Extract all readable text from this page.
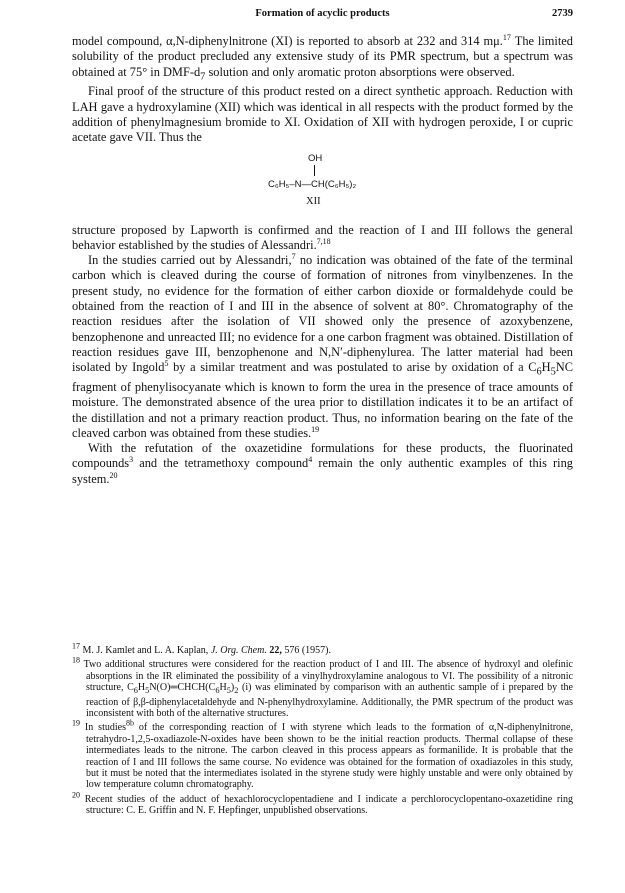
Formation of acyclic products	2739

model compound, α,N-diphenylnitrone (XI) is reported to absorb at 232 and 314 mμ.$^{17}$ The limited solubility of the product precluded any extensive study of its PMR spectrum, but a spectrum was obtained at 75° in DMF-$d_7$ solution and only aromatic proton absorptions were observed.

Final proof of the structure of this product rested on a direct synthetic approach. Reduction with LAH gave a hydroxylamine (XII) which was identical in all respects with the product formed by the addition of phenylmagnesium bromide to XI. Oxidation of XII with hydrogen peroxide, I or cupric acetate gave VII. Thus the

OH
C₆H₅–N—CH(C₆H₅)₂
XII

structure proposed by Lapworth is confirmed and the reaction of I and III follows the general behavior established by the studies of Alessandri.$^{7,18}$

In the studies carried out by Alessandri,$^7$ no indication was obtained of the fate of the terminal carbon which is cleaved during the course of formation of nitrones from vinylbenzenes. In the present study, no evidence for the formation of either carbon dioxide or formaldehyde could be obtained from the reaction of I and III in the absence of solvent at 80°. Chromatography of the reaction residues after the isolation of VII showed only the presence of azoxybenzene, benzophenone and unreacted III; no evidence for a one carbon fragment was obtained. Distillation of reaction residues gave III, benzophenone and N,N′-diphenylurea. The latter material had been isolated by Ingold$^5$ by a similar treatment and was postulated to arise by oxidation of a $C_6H_5NC$ fragment of phenylisocyanate which is known to form the urea in the presence of trace amounts of moisture. The demonstrated absence of the urea prior to distillation indicates it to be an artifact of the distillation and not a primary reaction product. Thus, no information bearing on the fate of the cleaved carbon was obtained from these studies.$^{19}$

With the refutation of the oxazetidine formulations for these products, the fluorinated compounds$^3$ and the tetramethoxy compound$^4$ remain the only authentic examples of this ring system.$^{20}$

$^{17}$ M. J. Kamlet and L. A. Kaplan, J. Org. Chem. 22, 576 (1957).

$^{18}$ Two additional structures were considered for the reaction product of I and III. The absence of hydroxyl and olefinic absorptions in the IR eliminated the possibility of a vinylhydroxylamine analogous to VI. The possibility of a nitronic structure, $C_6H_5N(O)═CHCH(C_6H_5)_2$ (i) was eliminated by comparison with an authentic sample of i prepared by the reaction of β,β-diphenylacetaldehyde and N-phenylhydroxylamine. Additionally, the PMR spectrum of the product was inconsistent with both of the alternative structures.

$^{19}$ In studies$^{8b}$ of the corresponding reaction of I with styrene which leads to the formation of α,N-diphenylnitrone, tetrahydro-1,2,5-oxadiazole-N-oxides have been shown to be the initial reaction products. Thermal collapse of these intermediates leads to the nitrone. The carbon cleaved in this process appears as formanilide. It is probable that the reaction of I and III follows the same course. No evidence was obtained for the formation of oxadiazoles in this study, but it must be noted that the intermediates isolated in the styrene study were highly unstable and were only obtained by low temperature column chromatography.

$^{20}$ Recent studies of the adduct of hexachlorocyclopentadiene and I indicate a perchlorocyclopentano-oxazetidine ring structure: C. E. Griffin and N. F. Hepfinger, unpublished observations.
